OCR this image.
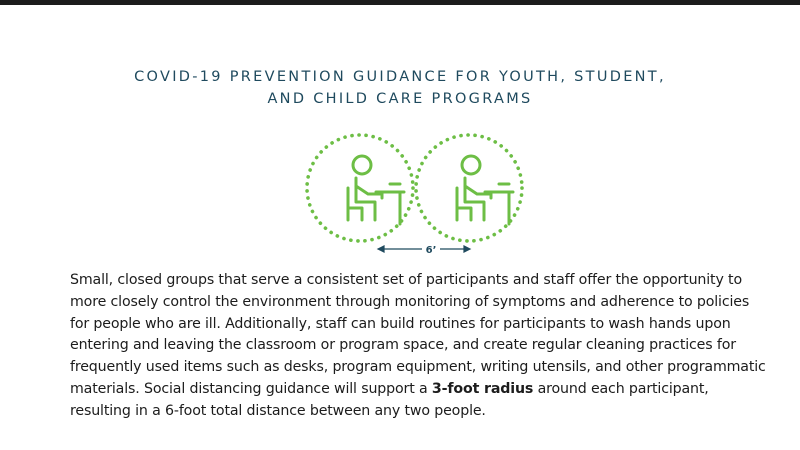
COVID-19 PREVENTION GUIDANCE FOR YOUTH, STUDENT,
AND CHILD CARE PROGRAMS
6’
Small, closed groups that serve a consistent set of participants and staff offer the opportunity to more closely control the environment through monitoring of symptoms and adherence to policies for people who are ill. Additionally, staff can build routines for participants to wash hands upon entering and leaving the classroom or program space, and create regular cleaning practices for frequently used items such as desks, program equipment, writing utensils, and other programmatic materials. Social distancing guidance will support a 3-foot radius around each participant, resulting in a 6-foot total distance between any two people.
